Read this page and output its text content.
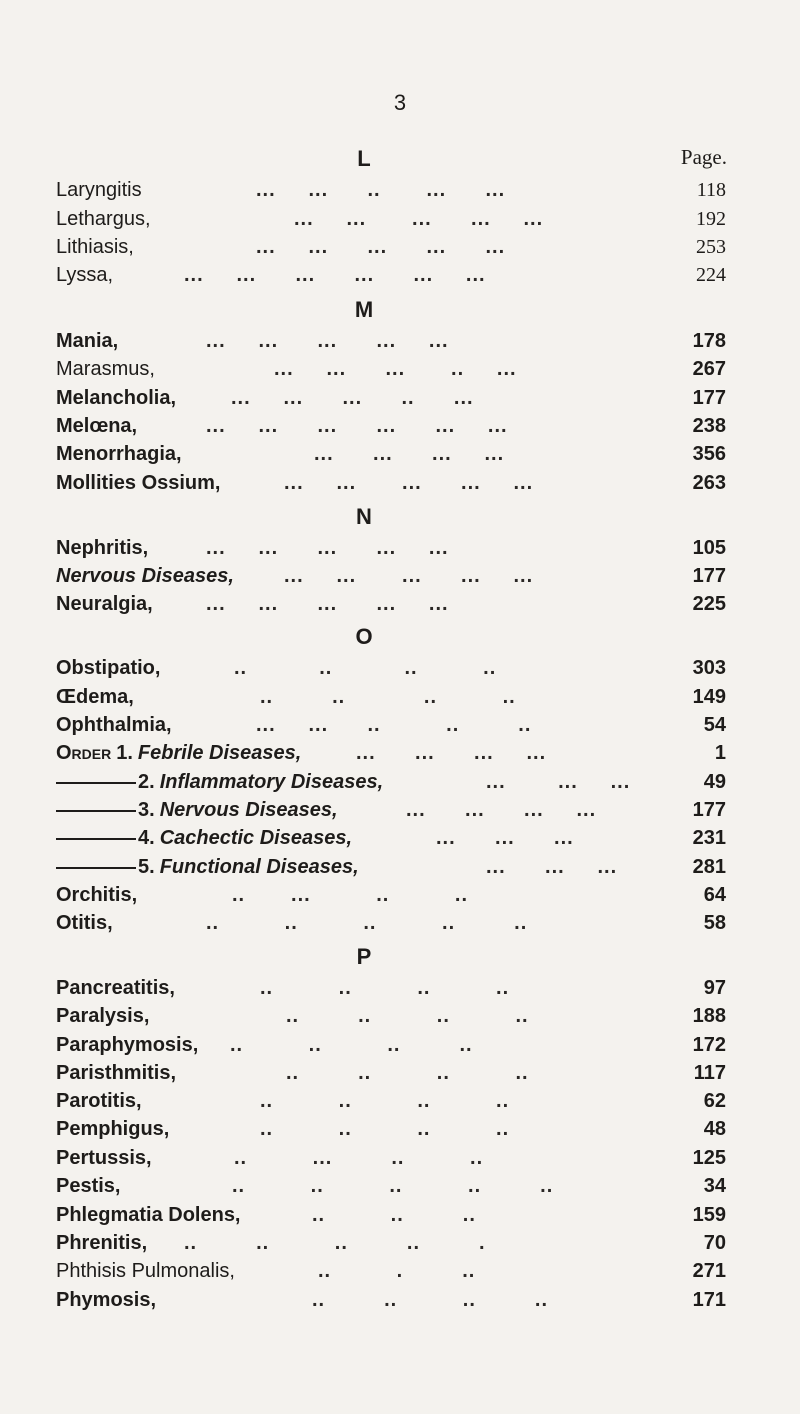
3
L	Page.
Laryngitis	...     ...      ..       ...      ...	118
Lethargus,	...     ...       ...      ...     ...	192
Lithiasis,	...     ...      ...      ...      ...	253
Lyssa,	...     ...      ...      ...      ...     ...	224
M
Mania,	...     ...      ...      ...     ...	178
Marasmus,	...     ...      ...       ..     ...	267
Melancholia,	...     ...      ...      ..      ...	177
Melœna,	...     ...      ...      ...      ...     ...	238
Menorrhagia,	...      ...      ...     ...	356
Mollities Ossium,	...     ...       ...      ...     ...	263
N
Nephritis,	...     ...      ...      ...     ...	105
Nervous Diseases,	...     ...       ...      ...     ...	177
Neuralgia,	...     ...      ...      ...     ...	225
O
Obstipatio,	..           ..           ..          ..	303
Œdema,	..         ..            ..          ..	149
Ophthalmia,	...     ...      ..          ..         ..	54
Order 1. Febrile Diseases,	...      ...      ...     ...	1
2. Inflammatory Diseases,	...        ...     ...	49
3. Nervous Diseases,	...      ...      ...     ...	177
4. Cachectic Diseases,	...      ...      ...	231
5. Functional Diseases,	...      ...     ...	281
Orchitis,	..       ...          ..          ..	64
Otitis,	..          ..          ..          ..         ..	58
P
Pancreatitis,	..          ..          ..          ..	97
Paralysis,	..         ..          ..          ..	188
Paraphymosis, ..          ..          ..         ..	172
Paristhmitis,	..         ..          ..          ..	117
Parotitis,	..          ..          ..          ..	62
Pemphigus,	..          ..          ..          ..	48
Pertussis,	..          ...         ..          ..	125
Pestis,	..          ..          ..          ..         ..	34
Phlegmatia Dolens,	..          ..         ..	159
Phrenitis, ..         ..          ..         ..         .	70
Phthisis Pulmonalis,	..          .         ..	271
Phymosis,	..         ..          ..         ..	171
